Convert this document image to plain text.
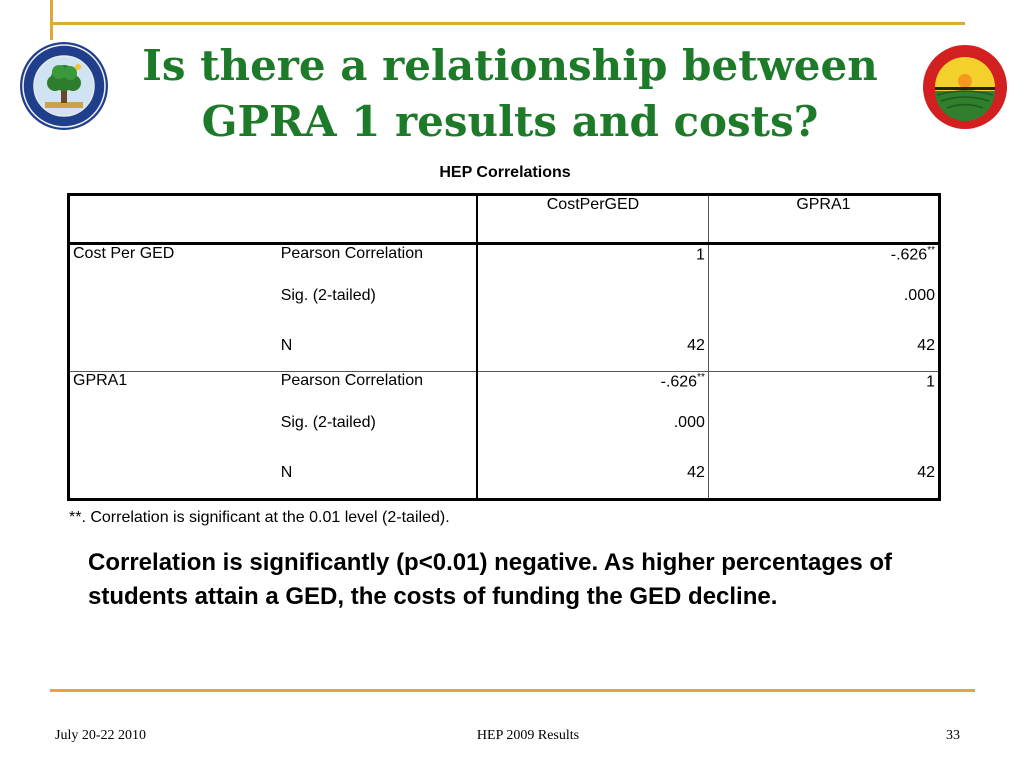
Is there a relationship between
GPRA 1 results and costs?
HEP Correlations
		CostPerGED	GPRA1
Cost Per GED	Pearson Correlation	1	-.626**
	Sig. (2-tailed)		.000
	N	42	42
GPRA1	Pearson Correlation	-.626**	1
	Sig. (2-tailed)	.000	
	N	42	42
**. Correlation is significant at the 0.01 level (2-tailed).
Correlation is significantly (p<0.01) negative. As higher percentages of students attain a GED, the costs of funding the GED decline.
July 20-22 2010	HEP 2009 Results	33
